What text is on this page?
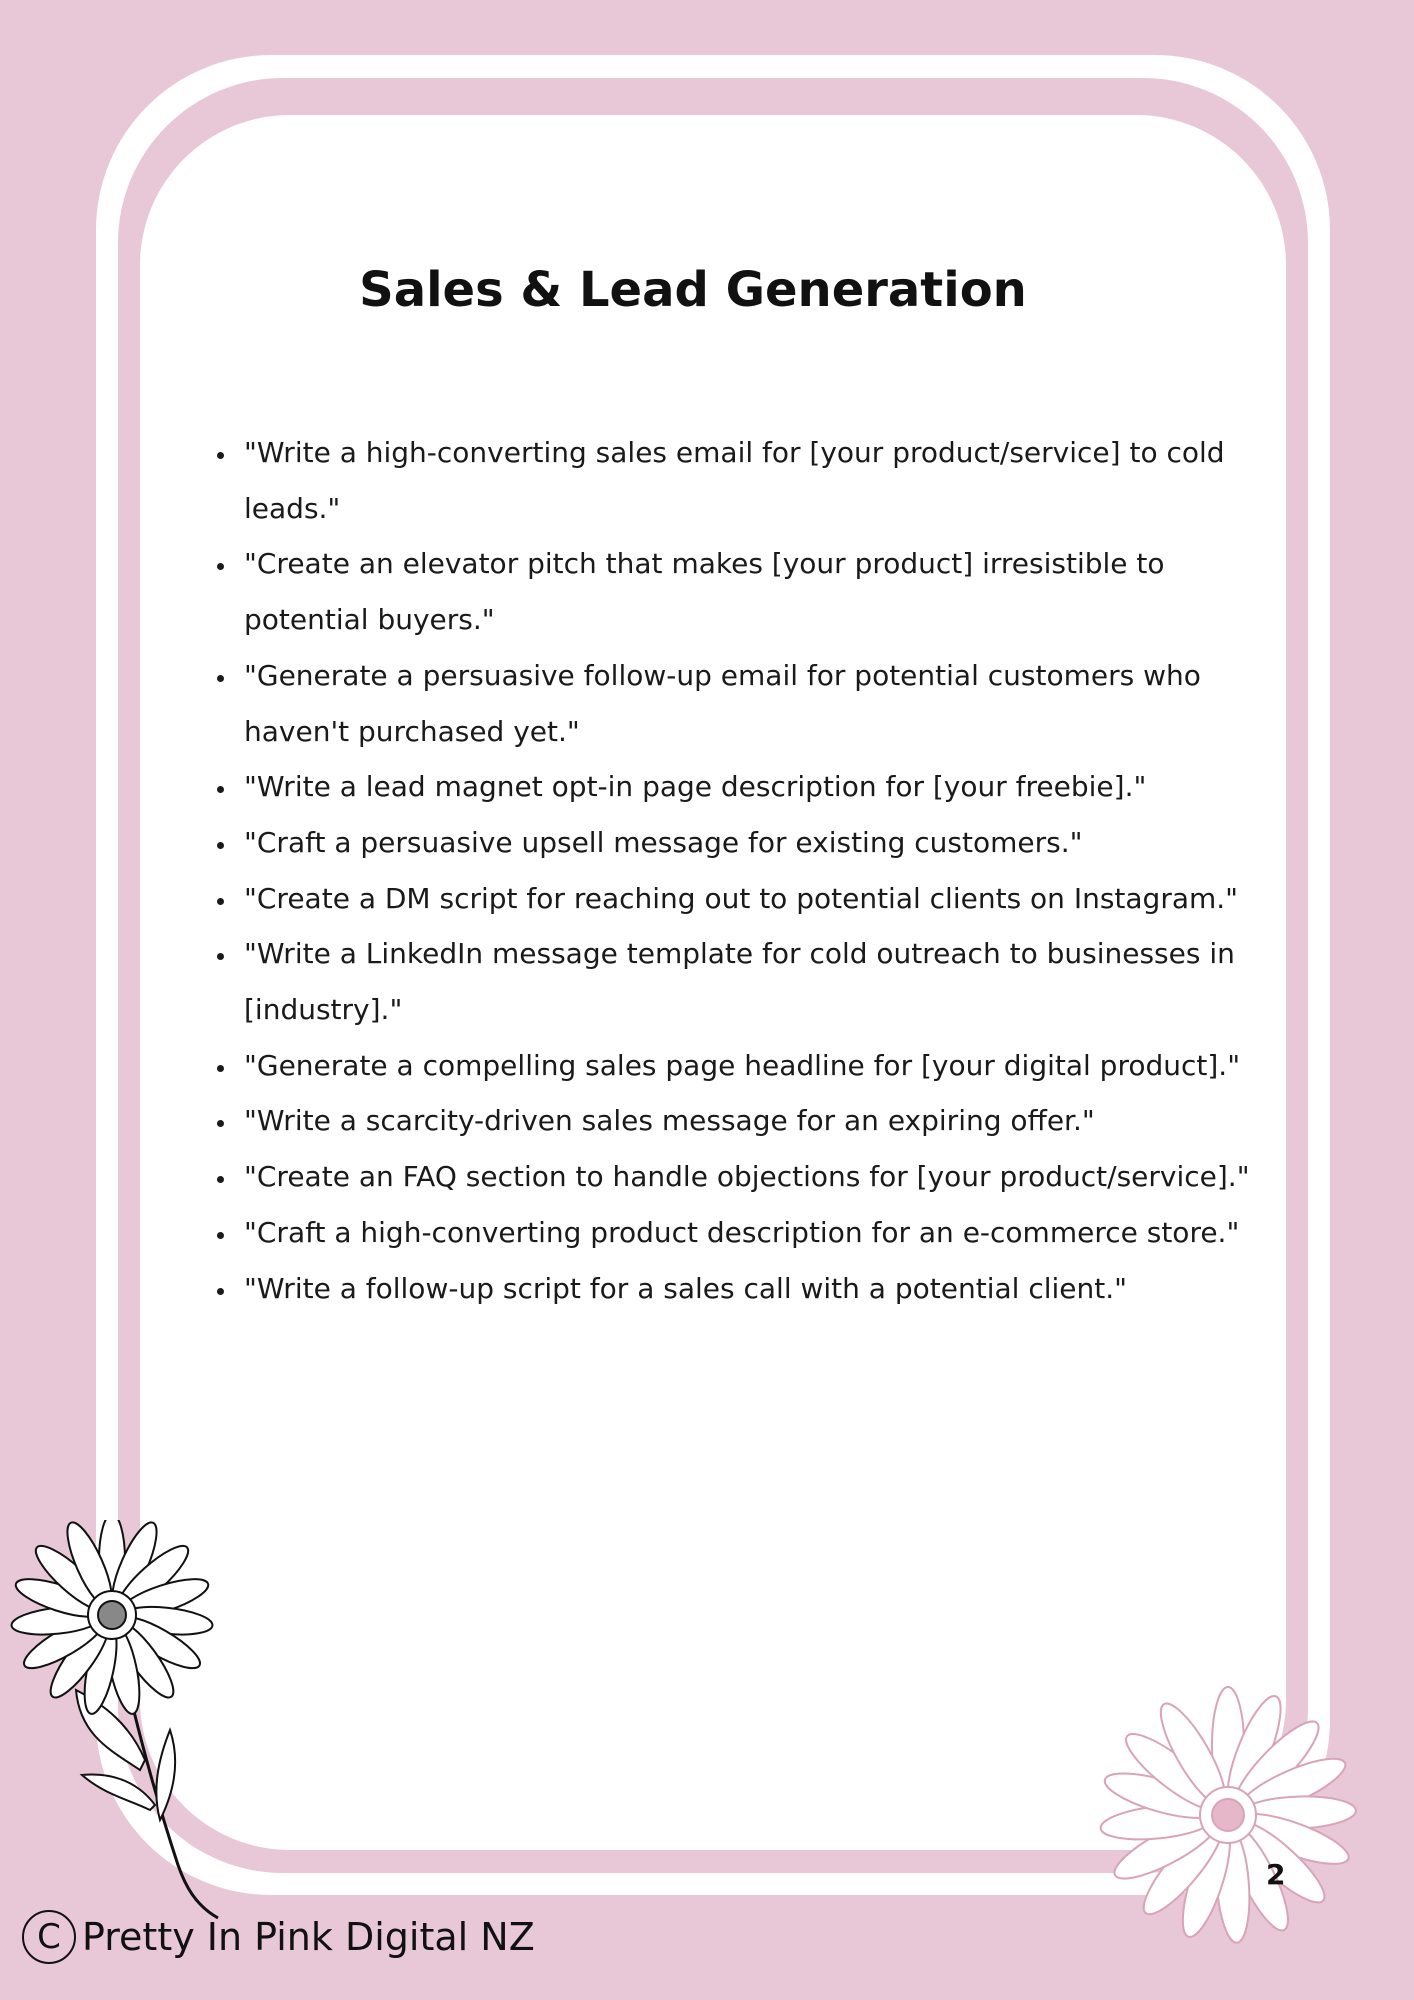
Sales & Lead Generation
• "Write a high-converting sales email for [your product/service] to cold leads."
• "Create an elevator pitch that makes [your product] irresistible to potential buyers."
• "Generate a persuasive follow-up email for potential customers who haven't purchased yet."
• "Write a lead magnet opt-in page description for [your freebie]."
• "Craft a persuasive upsell message for existing customers."
• "Create a DM script for reaching out to potential clients on Instagram."
• "Write a LinkedIn message template for cold outreach to businesses in [industry]."
• "Generate a compelling sales page headline for [your digital product]."
• "Write a scarcity-driven sales message for an expiring offer."
• "Create an FAQ section to handle objections for [your product/service]."
• "Craft a high-converting product description for an e-commerce store."
• "Write a follow-up script for a sales call with a potential client."
2
C Pretty In Pink Digital NZ
